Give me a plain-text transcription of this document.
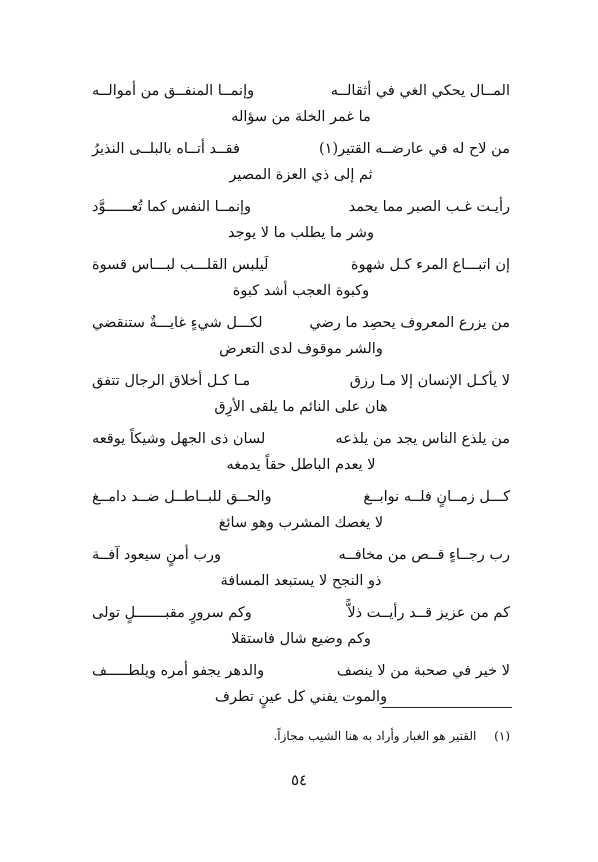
المــال يحكي الغي في أثقالــه
وإنمــا المنفــق من أموالــه
ما غمر الخلة من سؤاله
من لاح له في عارضــه القتير(١)
فقــد أتــاه بالبلــى النذيرُ
ثم إلى ذي العزة المصير
رأيـت غـب الصبر مما يحمد
وإنمــا النفس كما تُعــــــوَّد
وشر ما يطلب ما لا يوجد
إن اتبـــاع المرء كـل شهوة
لَيلبس القلـــب لبـــاس قسوة
وكبوة العجب أشد كبوة
من يزرع المعروف يحصِد ما رضي
لكـــل شيءٍ غايـــةٌ ستنقضي
والشر موقوف لدى التعرض
لا يأكـل الإنسان إلا مـا رزق
مـا كـل أخلاق الرجال تتفق
هان على النائم ما يلقى الأرِق
من يلذع الناس يجد من يلذعه
لسان ذى الجهل وشيكاً يوقعه
لا يعدم الباطل حقاً يدمغه
كـــل زمــانٍ فلــه نوابــغ
والحــق للبــاطــل ضــد دامــغ
لا يغصك المشرب وهو سائغ
رب رجــاءٍ قــص من مخافــه
ورب أمنٍ سيعود آفــة
ذو النجح لا يستبعد المسافة
كم من عزيز قــد رأيــت ذلاًّ
وكم سرورٍ مقبـــــــلٍ تولى
وكم وضيع شال فاستقلا
لا خير في صحبة من لا ينصف
والدهر يجفو أمره ويلطـــــف
والموت يفني كل عينٍ تطرف
(١) القتير هو الغبار وأراد به هنا الشيب مجازاً.
٥٤
